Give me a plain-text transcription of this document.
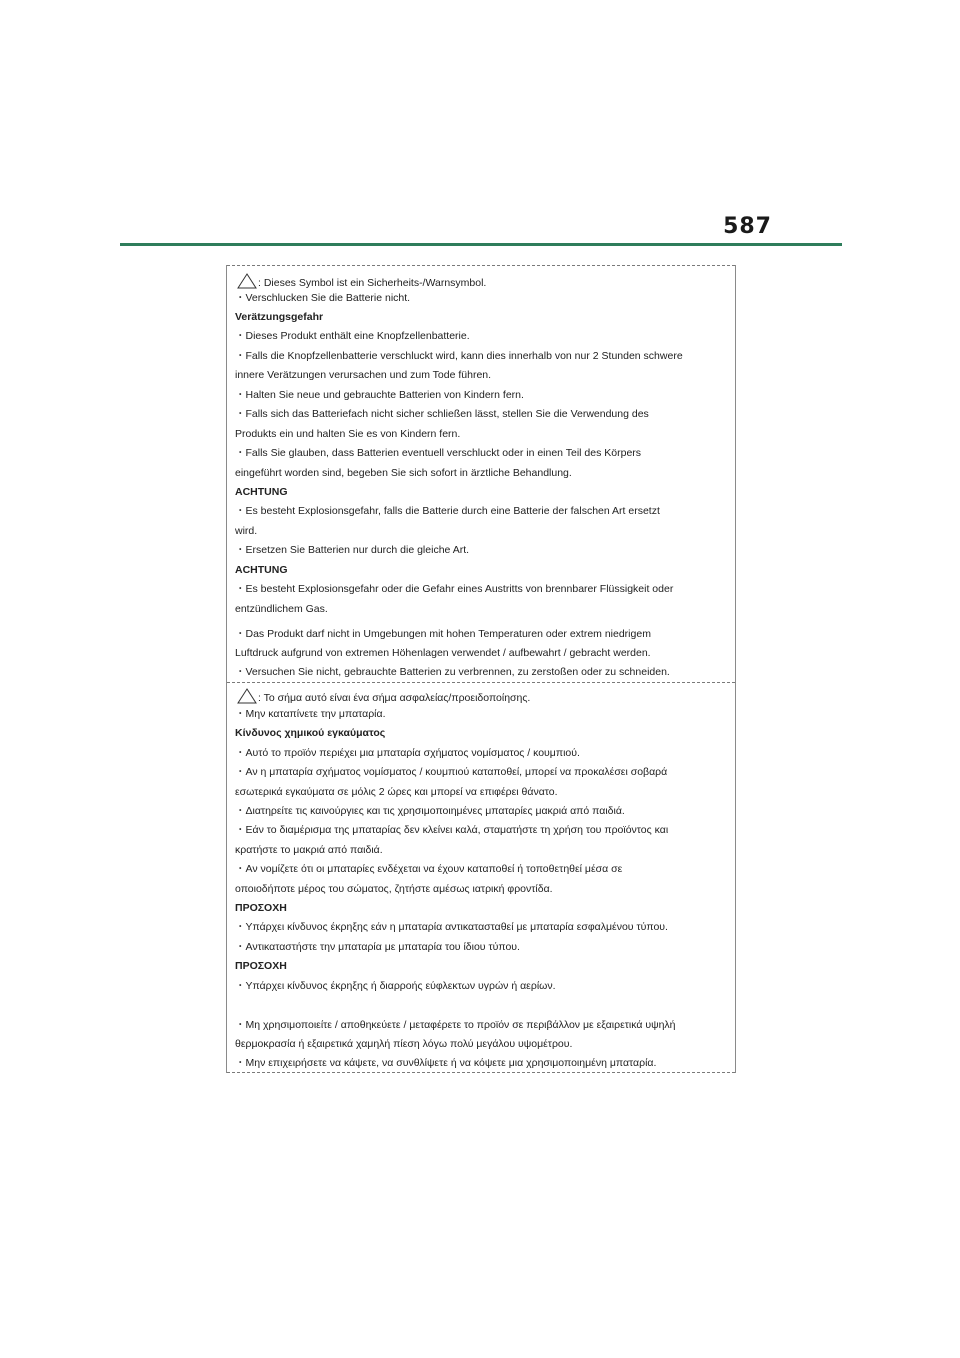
587
: Dieses Symbol ist ein Sicherheits-/Warnsymbol.
・Verschlucken Sie die Batterie nicht.
Verätzungsgefahr
・Dieses Produkt enthält eine Knopfzellenbatterie.
・Falls die Knopfzellenbatterie verschluckt wird, kann dies innerhalb von nur 2 Stunden schwere
innere Verätzungen verursachen und zum Tode führen.
・Halten Sie neue und gebrauchte Batterien von Kindern fern.
・Falls sich das Batteriefach nicht sicher schließen lässt, stellen Sie die Verwendung des
Produkts ein und halten Sie es von Kindern fern.
・Falls Sie glauben, dass Batterien eventuell verschluckt oder in einen Teil des Körpers
eingeführt worden sind, begeben Sie sich sofort in ärztliche Behandlung.
ACHTUNG
・Es besteht Explosionsgefahr, falls die Batterie durch eine Batterie der falschen Art ersetzt
wird.
・Ersetzen Sie Batterien nur durch die gleiche Art.
ACHTUNG
・Es besteht Explosionsgefahr oder die Gefahr eines Austritts von brennbarer Flüssigkeit oder
entzündlichem Gas.
・Das Produkt darf nicht in Umgebungen mit hohen Temperaturen oder extrem niedrigem
Luftdruck aufgrund von extremen Höhenlagen verwendet / aufbewahrt / gebracht werden.
・Versuchen Sie nicht, gebrauchte Batterien zu verbrennen, zu zerstoßen oder zu schneiden.
: Το σήμα αυτό είναι ένα σήμα ασφαλείας/προειδοποίησης.
・Μην καταπίνετε την μπαταρία.
Κίνδυνος χημικού εγκαύματος
・Αυτό το προϊόν περιέχει μια μπαταρία σχήματος νομίσματος / κουμπιού.
・Αν η μπαταρία σχήματος νομίσματος / κουμπιού καταποθεί, μπορεί να προκαλέσει σοβαρά
εσωτερικά εγκαύματα σε μόλις 2 ώρες και μπορεί να επιφέρει θάνατο.
・Διατηρείτε τις καινούργιες και τις χρησιμοποιημένες μπαταρίες μακριά από παιδιά.
・Εάν το διαμέρισμα της μπαταρίας δεν κλείνει καλά, σταματήστε τη χρήση του προϊόντος και
κρατήστε το μακριά από παιδιά.
・Αν νομίζετε ότι οι μπαταρίες ενδέχεται να έχουν καταποθεί ή τοποθετηθεί μέσα σε
οποιοδήποτε μέρος του σώματος, ζητήστε αμέσως ιατρική φροντίδα.
ΠΡΟΣΟΧΗ
・Υπάρχει κίνδυνος έκρηξης εάν η μπαταρία αντικατασταθεί με μπαταρία εσφαλμένου τύπου.
・Αντικαταστήστε την μπαταρία με μπαταρία του ίδιου τύπου.
ΠΡΟΣΟΧΗ
・Υπάρχει κίνδυνος έκρηξης ή διαρροής εύφλεκτων υγρών ή αερίων.
・Μη χρησιμοποιείτε / αποθηκεύετε / μεταφέρετε το προϊόν σε περιβάλλον με εξαιρετικά υψηλή
θερμοκρασία ή εξαιρετικά χαμηλή πίεση λόγω πολύ μεγάλου υψομέτρου.
・Μην επιχειρήσετε να κάψετε, να συνθλίψετε ή να κόψετε μια χρησιμοποιημένη μπαταρία.
